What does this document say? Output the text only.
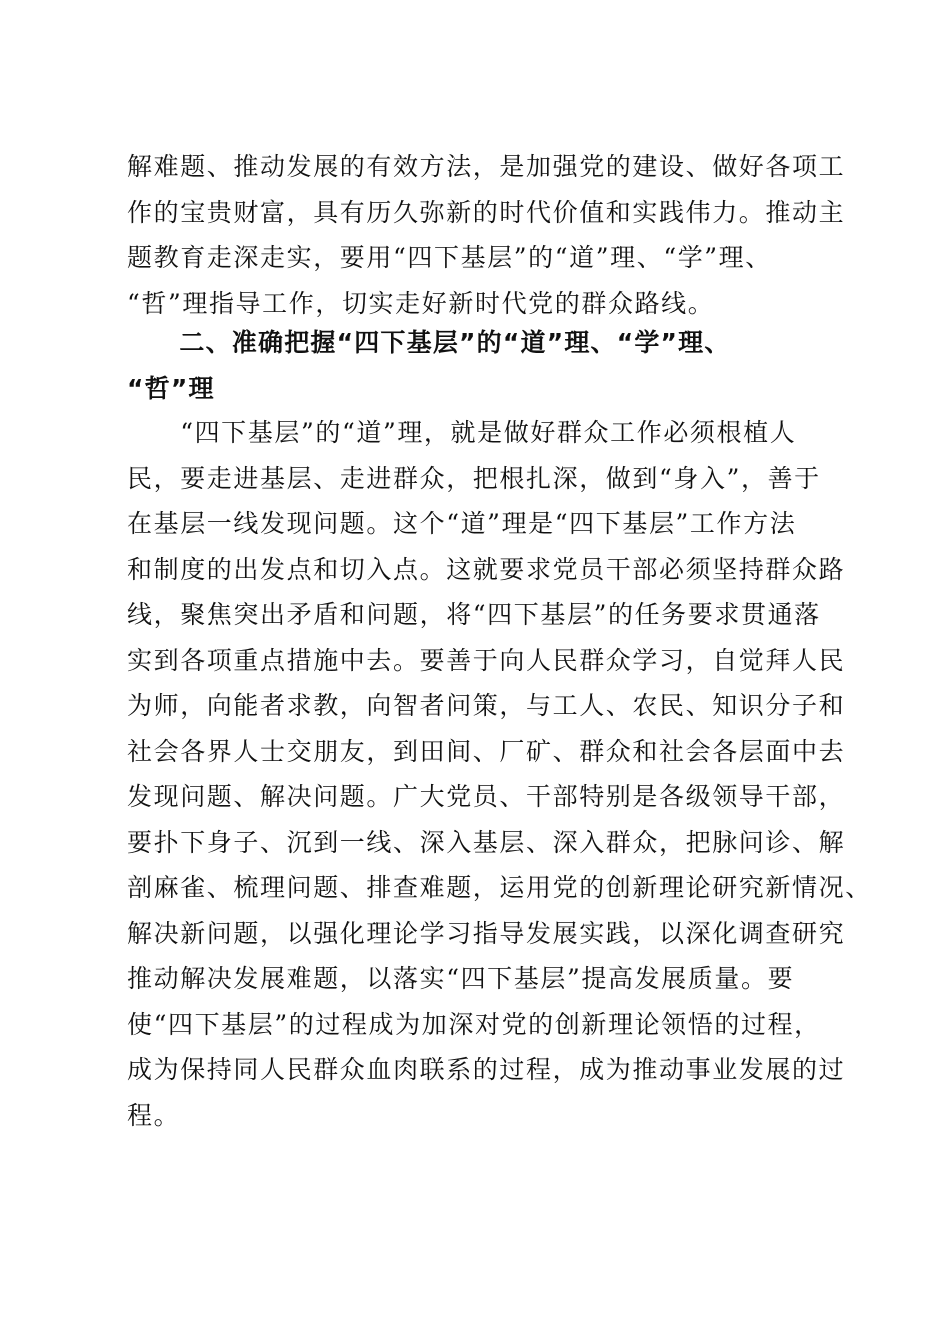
解难题、推动发展的有效方法，是加强党的建设、做好各项工
作的宝贵财富，具有历久弥新的时代价值和实践伟力。推动主
题教育走深走实，要用“四下基层”的“道”理、“学”理、
“哲”理指导工作，切实走好新时代党的群众路线。
　　二、准确把握“四下基层”的“道”理、“学”理、
“哲”理
　　“四下基层”的“道”理，就是做好群众工作必须根植人
民，要走进基层、走进群众，把根扎深，做到“身入”，善于
在基层一线发现问题。这个“道”理是“四下基层”工作方法
和制度的出发点和切入点。这就要求党员干部必须坚持群众路
线，聚焦突出矛盾和问题，将“四下基层”的任务要求贯通落
实到各项重点措施中去。要善于向人民群众学习，自觉拜人民
为师，向能者求教，向智者问策，与工人、农民、知识分子和
社会各界人士交朋友，到田间、厂矿、群众和社会各层面中去
发现问题、解决问题。广大党员、干部特别是各级领导干部，
要扑下身子、沉到一线、深入基层、深入群众，把脉问诊、解
剖麻雀、梳理问题、排查难题，运用党的创新理论研究新情况、
解决新问题，以强化理论学习指导发展实践，以深化调查研究
推动解决发展难题，以落实“四下基层”提高发展质量。要
使“四下基层”的过程成为加深对党的创新理论领悟的过程，
成为保持同人民群众血肉联系的过程，成为推动事业发展的过
程。
